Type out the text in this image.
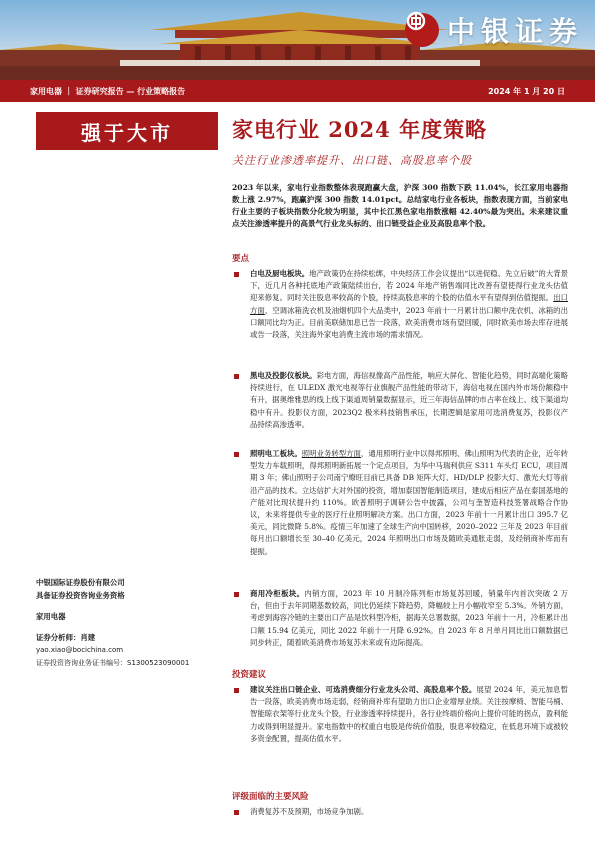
中银证券
家用电器 ｜ 证券研究报告 — 行业策略报告	2024 年 1 月 20 日
强于大市	家电行业 2024 年度策略
关注行业渗透率提升、出口链、高股息率个股
2023 年以来，家电行业指数整体表现跑赢大盘，沪深 300 指数下跌 11.04%，长江家用电器指数上涨 2.97%，跑赢沪深 300 指数 14.01pct。总结家电行业各板块，指数表现方面，当前家电行业主要的子板块指数分化较为明显，其中长江黑色家电指数涨幅 42.40%最为突出。未来建议重点关注渗透率提升的高景气行业龙头标的、出口链受益企业及高股息率个股。
要点
白电及厨电板块。地产政策仍在持续松绑，中央经济工作会议提出“以进促稳、先立后破”的大背景下，近几月各种托底地产政策陆续出台，若 2024 年地产销售端同比改善有望使得行业龙头估值迎来修复。同时关注股息率较高的个股，持续高股息率的个股的估值水平有望得到估值提振。出口方面，空调冰箱洗衣机及油烟机四个大品类中，2023 年前十一月累计出口额中洗衣机、冰箱的出口额同比均为正。目前美联储加息已告一段落，欧美消费市场有望回暖，同时欧美市场去库存进展或告一段落，关注海外家电消费主流市场的需求情况。
黑电及投影仪板块。彩电方面，海信视像高产品性能，响应大屏化、智能化趋势，同时高端化策略持续进行，在 ULEDX 激光电视等行业旗舰产品性能的带动下，海信电视在国内外市场份额稳中有升，据奥维雅思的线上线下渠道周销量数据显示，近三年海信品牌的市占率在线上、线下渠道均稳中有升。投影仪方面，2023Q2 极米科技销售承压，长期逻辑是家用可选消费复苏，投影仪产品持续高渗透率。
照明电工板块。照明业务转型方面，通用照明行业中以得邦照明、佛山照明为代表的企业，近年转型发力车载照明，得邦照明新拓展一个定点项目，为华中马瑞利供应 S311 车头灯 ECU，项目周期 3 年；佛山照明子公司南宁燎旺目前已具备 DB 矩阵大灯、HD/DLP 投影大灯、激光大灯等前沿产品的技术。立达信扩大对外国的投资，增加泰国智能制造项目，建成后相应产品在泰国基地的产能对比现状提升约 110%。欧普照明子调研公告中披露，公司与奎智造科技签署战略合作协议，未来将提供专业的医疗行业照明解决方案。出口方面，2023 年前十一月累计出口 395.7 亿美元，同比微降 5.8%。疫情三年加速了全球生产向中国转移，2020–2022 三年及 2023 年目前每月出口额增长至 30–40 亿美元，2024 年照明出口市场及随欧美通胀走弱，及经销商补库而有提振。
商用冷柜板块。内销方面，2023 年 10 月制冷陈列柜市场复苏回暖，销量年内首次突破 2 万台，但由于去年同期基数较高，同比仍延续下降趋势，降幅较上月小幅收窄至 5.3%。外销方面，考虑到海容冷链的主要出口产品是饮料型冷柜，据海关总署数据，2023 年前十一月，冷柜累计出口额 15.94 亿美元，同比 2022 年前十一月降 6.92%。自 2023 年 8 月单月同比出口额数据已同步转正，随着欧美消费市场复苏未来或有边际提高。
投资建议
建议关注出口链企业、可选消费细分行业龙头公司、高股息率个股。展望 2024 年，美元加息暂告一段落，欧美消费市场走弱，经销商补库有望助力出口企业增厚业绩。关注按摩椅、智能马桶、智能晾衣架等行业龙头个股，行业渗透率持续提升，各行业终端价格向上提价可能的拐点，盈利能力或得到明显提升。家电指数中的权重白电股是传统价值股，股息率较稳定，在低息环境下或被较多资金配置，提高估值水平。
评级面临的主要风险
消费复苏不及预期，市场竞争加剧。
中银国际证券股份有限公司
具备证券投资咨询业务资格
家用电器
证券分析师：肖建
yao.xiao@bocichina.com
证券投资咨询业务证书编号：S1300523090001
